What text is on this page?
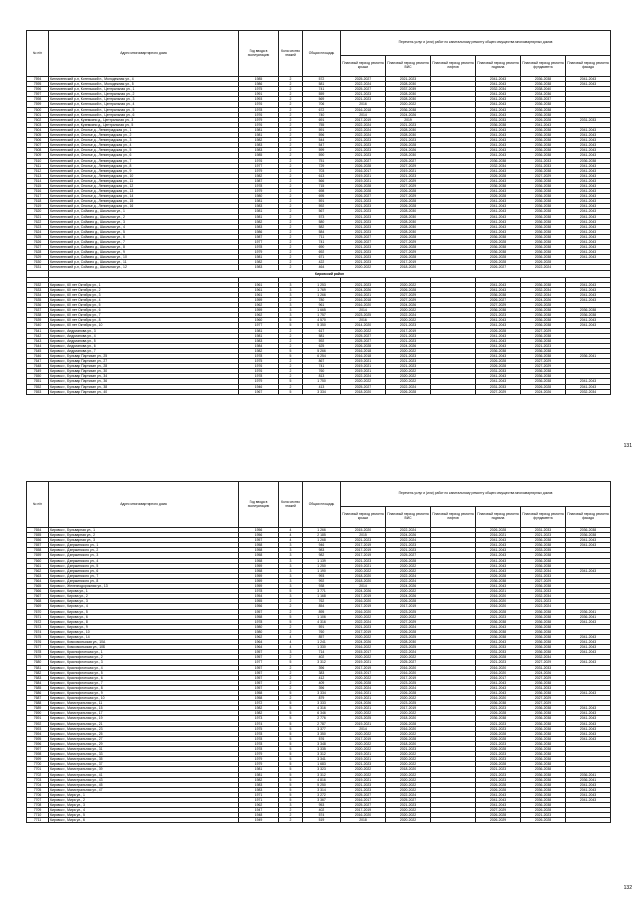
№ п/п	Адрес многоквартирного дома	Год ввода в эксплуатацию	Коли-чество этажей	Общая площадь	Перечень услуг и (или) работ по капитальному ремонту общего имущества многоквартирных домов					
					Плановый период ремонта крыши	Плановый период ремонта ВИС	Плановый период ремонта лифтов	Плановый период ремонта подвала	Плановый период ремонта фундамента	Плановый период ремонта фасада
7594	Кингисеппский р-н, Котельский п., Молодежная ул., 4	1985	2	572	2025-2027	2021-2023		2041-2043	2036-2038	2041-2043
7595	Кингисеппский р-н, Котельский п., Молодежная ул., 5	1986	2	581	2022-2024	2028-2030		2041-2043	2036-2038	2041-2043
7596	Кингисеппский р-н, Котельский п., Центральная ул., 1	1975	2	741	2025-2027	2037-2039		2032-2034	2038-2040	
7597	Кингисеппский р-н, Котельский п., Центральная ул., 2	1991	2	559	2021-2023	2028-2030		2041-2043	2034-2036	
7598	Кингисеппский р-н, Котельский п., Центральная ул., 3	1993	2	569	2021-2023	2028-2030		2041-2043	2035-2037	
7599	Кингисеппский р-н, Котельский п., Центральная ул., 4	1976	2	706	2016	2020-2022		2041-2043	2036-2038	
7600	Кингисеппский р-н, Котельский п., Центральная ул., 5	1978	2	672	2016-2018	2036-2038		2041-2043	2036-2038	
7601	Кингисеппский р-н, Котельский п., Центральная ул., 6	1976	2	740	2014	2024-2026		2041-2043	2036-2038	
7602	Кингисеппский р-н, Куземкино д., Центральная ул., 3	1979	2	691	2017-2019	2019		2031-2033	2026-2028	2031-2033
7603	Кингисеппский р-н, Куземкино д., Центральная ул., 5	1976	2	755	2022-2024	2021-2023		2036-2038	2041-2043	
7604	Кингисеппский р-н, Ополье д., Ленинградская ул., 1	1981	2	591	2022-2024	2028-2030		2041-2043	2036-2038	2041-2043
7605	Кингисеппский р-н, Ополье д., Ленинградская ул., 2	1981	2	596	2022-2024	2028-2030		2041-2043	2036-2038	2041-2043
7606	Кингисеппский р-н, Ополье д., Ленинградская ул., 3	1982	2	544	2021-2023	2021-2023		2041-2043	2036-2038	2041-2043
7607	Кингисеппский р-н, Ополье д., Ленинградская ул., 4	1983	2	547	2021-2023	2026-2028		2041-2043	2036-2038	2041-2043
7608	Кингисеппский р-н, Ополье д., Ленинградская ул., 5	1983	2	599	2021-2023	2024-2026		2041-2043	2036-2038	2041-2043
7609	Кингисеппский р-н, Ополье д., Ленинградская ул., 6	1985	2	590	2021-2023	2028-2030		2041-2043	2036-2038	2041-2043
7610	Кингисеппский р-н, Ополье д., Ленинградская ул., 7	1976	2	751	2025-2027	2025-2027		2036-2038	2031-2033	2036-2038
7611	Кингисеппский р-н, Ополье д., Ленинградская ул., 8	1977	2	729	2026-2028	2027-2029		2032-2034	2031-2033	2041-2043
7612	Кингисеппский р-н, Ополье д., Ленинградская ул., 9	1979	2	703	2016-2017	2019-2021		2041-2043	2036-2038	2041-2043
7613	Кингисеппский р-н, Ополье д., Ленинградская ул., 10	1982	2	613	2019-2021	2021-2023		2026-2028	2027-2029	2041-2043
7614	Кингисеппский р-н, Ополье д., Ленинградская ул., 11	1987	2	566	2019-2021	2027-2029		2041-2043	2036-2038	2041-2043
7615	Кингисеппский р-н, Ополье д., Ленинградская ул., 12	1978	2	715	2026-2028	2027-2029		2036-2038	2036-2038	2041-2043
7616	Кингисеппский р-н, Ополье д., Ленинградская ул., 13	1979	2	698	2026-2028	2026-2028		2041-2043	2036-2038	2041-2043
7617	Кингисеппский р-н, Ополье д., Ленинградская ул., 14	1980	2	695	2026-2027	2027-2029		2026-2028	2036-2038	2041-2043
7618	Кингисеппский р-н, Ополье д., Ленинградская ул., 15	1981	2	591	2021-2023	2026-2028		2041-2043	2036-2038	2041-2043
7619	Кингисеппский р-н, Ополье д., Ленинградская ул., 16	1983	2	592	2021-2023	2026-2028		2041-2043	2036-2038	2041-2043
7620	Кингисеппский р-н, Сойкино д., Школьная ул., 1	1981	2	567	2021-2023	2028-2030		2041-2043	2036-2038	2041-2043
7621	Кингисеппский р-н, Сойкино д., Школьная ул., 2	1981	2	573	2021-2023	2028-2030		2041-2043	2036-2038	2041-2043
7622	Кингисеппский р-н, Сойкино д., Школьная ул., 3	1982	2	580	2021-2023	2028-2030		2041-2043	2036-2038	2041-2043
7623	Кингисеппский р-н, Сойкино д., Школьная ул., 4	1983	2	582	2021-2023	2028-2030		2041-2043	2036-2038	2041-2043
7624	Кингисеппский р-н, Сойкино д., Школьная ул., 5	1986	2	584	2021-2023	2028-2030		2041-2043	2036-2038	2041-2043
7625	Кингисеппский р-н, Сойкино д., Школьная ул., 6	1987	2	711	2025-2027	2026-2028		2036-2038	2036-2038	2041-2043
7626	Кингисеппский р-н, Сойкино д., Школьная ул., 7	1977	2	741	2026-2027	2027-2029		2026-2028	2036-2038	2041-2043
7627	Кингисеппский р-н, Сойкино д., Школьная ул., 8	1978	2	690	2021-2023	2026-2028		2036-2038	2036-2038	2041-2043
7628	Кингисеппский р-н, Сойкино д., Школьная ул., 9	1979	2	692	2021-2023	2027-2029		2036-2038	2036-2038	2041-2043
7629	Кингисеппский р-н, Сойкино д., Школьная ул., 10	1981	2	671	2021-2023	2026-2028		2026-2028	2036-2038	2041-2043
7630	Кингисеппский р-н, Сойкино д., Школьная ул., 11	1982	2	422	2021-2023	2017-2019		2026-2028	2026-2028	
7631	Кингисеппский р-н, Сойкино д., Школьная ул., 12	1983	2	464	2020-2022	2018-2020		2026-2027	2022-2024	
	Кировский район									

7632	Кировск г., 60 лет Октября ул., 1	1961	3	1 253	2021-2023	2020-2022		2041-2043	2036-2038	2041-2043
7633	Кировск г., 60 лет Октября ул., 2	1961	3	1 769	2024-2026	2026-2028		2041-2043	2032-2034	2041-2043
7634	Кировск г., 60 лет Октября ул., 3	1961	3	1 266	2016-2021	2027-2029		2036-2038	2032-2034	2041-2043
7635	Кировск г., 60 лет Октября ул., 4	1959	2	780	2016-2018	2027-2029		2026-2027	2024-2026	2041-2043
7636	Кировск г., 60 лет Октября ул., 5	1962	3	961	2016-2020	2024-2026		2027-2029	2026-2028	
7637	Кировск г., 60 лет Октября ул., 6	1959	3	1 665	2014	2020-2022		2036-2038	2036-2038	2036-2038
7638	Кировск г., 60 лет Октября ул., 7	1962	3	1 757	2023-2025	2022-2024		2021-2023	2036-2038	2036-2038
7639	Кировск г., 60 лет Октября ул., 8	1960	5	4 570	2016	2020-2022		2041-2043	2036-2038	2041-2043
7640	Кировск г., 60 лет Октября ул., 10	1977	5	5 350	2014-2020	2021-2023		2041-2043	2036-2038	2041-2043
7641	Кировск г., Андрианова ул., 3	1981	2	617	2020-2022	2017-2019		2026-2028	2027-2029	
7642	Кировск г., Андрианова ул., 4	1981	2	581	2025-2027	2021-2023		2041-2043	2036-2038	
7643	Кировск г., Андрианова ул., 5	1983	2	592	2025-2027	2021-2023		2041-2043	2036-2038	
7644	Кировск г., Андрианова ул., 6	1984	2	625	2026-2028	2024-2026		2041-2043	2021-2023	
7645	Кировск г., Андрианова ул., 7	1982	5	5 266	2016-2018	2020-2022		2036-2038	2036-2038	
7646	Кировск г., Бульвар Партизан ул., 25	1978	5	6 254	2016-2018	2021-2023		2041-2043	2036-2038	2036-2041
7647	Кировск г., Бульвар Партизан ул., 27	1975	2	867	2019-2021	2021-2023		2026-2028	2027-2029	
7648	Кировск г., Бульвар Партизан ул., 28	1976	2	741	2019-2021	2021-2023		2026-2028	2027-2029	
7649	Кировск г., Бульвар Партизан ул., 30	1976	2	760	2019-2021	2020-2022		2031-2033	2036-2038	
7650	Кировск г., Бульвар Партизан ул., 34	1978	2	813	2022-2024	2020-2022		2041-2043	2036-2038	
7651	Кировск г., Бульвар Партизан ул., 36	1979	5	1 750	2020-2022	2020-2022		2041-2043	2036-2038	2041-2043
7652	Кировск г., Бульвар Партизан ул., 38	1946	2	413	2025-2027	2022-2024		2031-2033	2026-2028	2041-2043
7653	Кировск г., Бульвар Партизан ул., 40	1967	5	3 334	2018-2020	2026-2028		2027-2029	2024-2026	2032-2034
131
№ п/п	Адрес многоквартирного дома	Год ввода в эксплуатацию	Коли-чество этажей	Общая площадь	Перечень услуг и (или) работ по капитальному ремонту общего имущества многоквартирных домов					
					Плановый период ремонта крыши	Плановый период ремонта ВИС	Плановый период ремонта лифтов	Плановый период ремонта подвала	Плановый период ремонта фундамента	Плановый период ремонта фасада
7654	Кировск г., Бульварная ул., 1	1956	4	1 266	2015-2020	2022-2024		2026-2028	2031-2033	2036-2038
7655	Кировск г., Бульварная ул., 2	1956	4	2 185	2015	2024-2026		2016-2021	2021-2023	2036-2038
7656	Кировск г., Бульварная ул., 3	1957	4	1 268	2021-2023	2022-2024		2041-2043	2036-2038	2041-2043
7657	Кировск г., Дзержинского ул., 1	1958	3	946	2017-2019	2021-2023		2041-2043	2036-2038	2041-2043
7658	Кировск г., Дзержинского ул., 2	1958	3	983	2017-2019	2021-2023		2041-2043	2033-2035	
7659	Кировск г., Дзержинского ул., 3	1958	3	982	2017-2019	2025-2027		2041-2043	2036-2038	
7660	Кировск г., Дзержинского ул., 4	1958	3	1 139	2021-2023	2026-2028		2041-2043	2036-2038	
7661	Кировск г., Дзержинского ул., 5	1959	3	1 250	2019-2021	2020-2022		2041-2043	2036-2038	
7662	Кировск г., Дзержинского ул., 6	1958	3	1 190	2020-2022	2020-2022		2041-2043	2032-2034	2041-2043
7663	Кировск г., Дзержинского ул., 7	1959	3	993	2018-2020	2022-2024		2026-2028	2031-2033	
7664	Кировск г., Дзержинского ул., 8	1959	3	992	2018-2020	2022-2024		2036-2038	2027-2029	
7665	Кировск г., Железнодорожная ул., 13	1959	3	938	2014	2024-2026		2041-2043	2036-2038	
7666	Кировск г., Кирова ул., 1	1978	5	3 771	2024-2026	2020-2022		2016-2021	2031-2033	
7667	Кировск г., Кирова ул., 2	1954	3	1 168	2017-2019	2024-2026		2016-2020	2032-2034	
7668	Кировск г., Кирова ул., 3	1955	2	762	2016-2020	2026-2028		2016-2020	2021-2023	
7669	Кировск г., Кирова ул., 4	1956	2	854	2017-2019	2017-2019		2016-2020	2022-2024	
7670	Кировск г., Кирова ул., 5	1957	2	895	2016-2020	2023-2025		2026-2028	2036-2038	2036-2041
7671	Кировск г., Кирова ул., 6	1958	5	1 106	2020-2022	2020-2022		2021-2023	2036-2038	2036-2041
7672	Кировск г., Кирова ул., 8	1978	5	4 316	2022-2024	2027-2029		2036-2038	2036-2038	2041-2043
7673	Кировск г., Кирова ул., 9	1980	2	591	2021-2023	2022-2024		2041-2043	2036-2038	
7674	Кировск г., Кирова ул., 10	1980	2	760	2017-2019	2026-2028		2036-2038	2036-2038	
7675	Кировск г., Кирова ул., 14	1962	4	857	2020-2022	2023-2025		2036-2038	2036-2038	2041-2043
7676	Кировск г., Комсомольская ул., 10А	1964	4	1 241	2024-2026	2028-2030		2041-2043	2036-2038	2041-2043
7677	Кировск г., Комсомольская ул., 10Б	1964	4	1 330	2016-2022	2023-2025		2031-2033	2036-2038	2041-2043
7678	Кировск г., Краснофлотская ул., 1	1957	3	714	2015-2017	2022-2024		2031-2033	2036-2038	2041-2043
7679	Кировск г., Краснофлотская ул., 2	1957	2	402	2020-2022	2020-2022		2026-2028	2032-2034	
7680	Кировск г., Краснофлотская ул., 3	1977	5	3 312	2019-2021	2025-2027		2021-2023	2027-2029	2041-2043
7681	Кировск г., Краснофлотская ул., 4	1957	2	396	2017-2019	2016-2020		2016-2020	2031-2033	
7682	Кировск г., Краснофлотская ул., 5	1957	2	383	2015-2017	2016-2020		2016-2020	2024-2026	
7683	Кировск г., Краснофлотская ул., 6	1957	2	412	2020-2022	2017-2019		2016-2017	2027-2029	
7684	Кировск г., Краснофлотская ул., 7	1957	2	409	2026-2028	2023-2025		2041-2043	2036-2038	
7685	Кировск г., Краснофлотская ул., 8	1957	2	396	2022-2024	2022-2024		2041-2043	2031-2033	
7686	Кировск г., Краснофлотская ул., 9	1958	5	3 334	2016-2021	2026-2028		2041-2043	2036-2038	2041-2043
7687	Кировск г., Краснофлотская ул., 10	1958	2	879	2019-2021	2020-2022		2016-2020	2027-2029	
7688	Кировск г., Магистральная ул., 11	1972	5	3 333	2024-2026	2023-2025		2036-2038	2027-2029	
7689	Кировск г., Магистральная ул., 15	1982	5	4 316	2019-2021	2017-2019		2021-2023	2036-2038	2041-2043
7690	Кировск г., Магистральная ул., 17	1982	5	6 346	2020-2022	2020-2022		2026-2028	2036-2038	2041-2043
7691	Кировск г., Магистральная ул., 19	1973	5	2 776	2023-2025	2018-2020		2036-2038	2036-2038	2041-2043
7692	Кировск г., Магистральная ул., 21	1974	5	2 787	2019-2021	2026-2028		2021-2023	2036-2038	2041-2043
7693	Кировск г., Магистральная ул., 23	1975	5	3 377	2014	2016-2020		2021-2023	2036-2038	2041-2043
7694	Кировск г., Магистральная ул., 25	1978	5	3 350	2020-2022	2020-2022		2026-2028	2036-2038	2041-2043
7695	Кировск г., Магистральная ул., 27	1978	5	576	2017-2019	2026-2028		2026-2028	2036-2038	2041-2043
7696	Кировск г., Магистральная ул., 29	1978	5	3 348	2020-2022	2018-2020		2021-2023	2036-2038	
7697	Кировск г., Магистральная ул., 31	1978	5	3 335	2020-2022	2021-2023		2026-2028	2036-2038	
7698	Кировск г., Магистральная ул., 33	1979	5	3 312	2019-2021	2020-2022		2021-2023	2036-2038	
7699	Кировск г., Магистральная ул., 35	1979	5	3 341	2019-2021	2020-2022		2021-2023	2036-2038	
7700	Кировск г., Магистральная ул., 37	1979	5	1 683	2021-2023	2020-2022		2026-2028	2036-2038	
7701	Кировск г., Магистральная ул., 39	1981	5	3 323	2020-2022	2018-2020		2021-2023	2036-2038	
7702	Кировск г., Магистральная ул., 41	1981	5	3 312	2020-2022	2020-2022		2021-2023	2036-2038	2036-2041
7703	Кировск г., Магистральная ул., 43	1982	5	4 816	2019-2021	2020-2022		2021-2023	2036-2038	2036-2041
7704	Кировск г., Магистральная ул., 45	1983	5	5 250	2021-2023	2020-2022		2026-2028	2036-2038	2041-2043
7705	Кировск г., Магистральная ул., 47	1983	5	3 314	2021-2023	2020-2022		2026-2028	2036-2038	2041-2043
7706	Кировск г., Мира ул., 1	1971	5	3 272	2025-2027	2022-2024		2041-2043	2036-2038	2041-2043
7707	Кировск г., Мира ул., 2	1971	5	3 367	2016-2017	2025-2027		2041-2043	2036-2038	2041-2043
7708	Кировск г., Мира ул., 3	1962	3	953	2025-2027	2021-2023		2041-2043	2036-2038	
7709	Кировск г., Мира ул., 4	1947	2	402	2017-2019	2020-2022		2027-2029	2026-2028	
7710	Кировск г., Мира ул., 5	1948	2	574	2016-2020	2020-2022		2026-2028	2021-2023	
7711	Кировск г., Мира ул., 6	1949	2	519	2018	2020-2022		2026-2029	2026-2028	
132
